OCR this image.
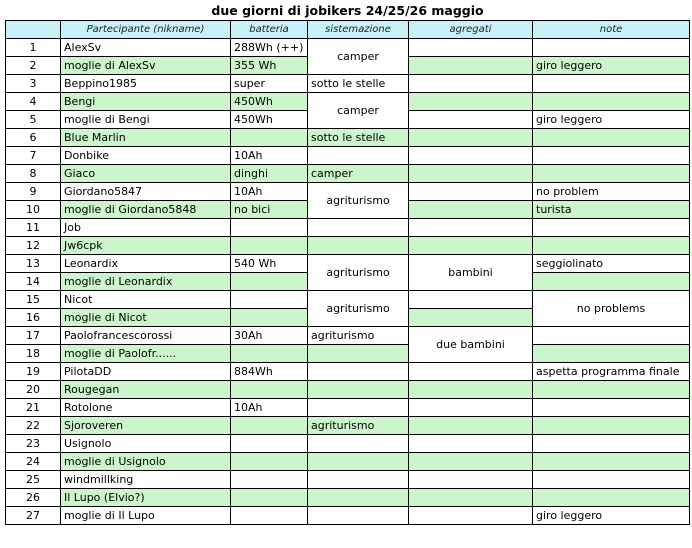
due giorni di jobikers 24/25/26 maggio					
	Partecipante (nikname)	batteria	sistemazione	agregati	note
1	AlexSv	288Wh (++)	camper		
2	moglie di AlexSv	355 Wh			giro leggero
3	Beppino1985	super	sotto le stelle		
4	Bengi	450Wh	camper		
5	moglie di Bengi	450Wh			giro leggero
6	Blue Marlin		sotto le stelle		
7	Donbike	10Ah			
8	Giaco	dinghi	camper		
9	Giordano5847	10Ah	agriturismo		no problem
10	moglie di Giordano5848	no bici			turista
11	Job				
12	Jw6cpk				
13	Leonardix	540 Wh	agriturismo	bambini	seggiolinato
14	moglie di Leonardix				
15	Nicot		agriturismo		no problems
16	moglie di Nicot				
17	Paolofrancescorossi	30Ah	agriturismo	due bambini	
18	moglie di Paolofr......				
19	PilotaDD	884Wh			aspetta programma finale
20	Rougegan				
21	Rotolone	10Ah			
22	Sjoroveren		agriturismo		
23	Usignolo				
24	moglie di Usignolo				
25	windmillking				
26	Il Lupo (Elvio?)				
27	moglie di Il Lupo				giro leggero
